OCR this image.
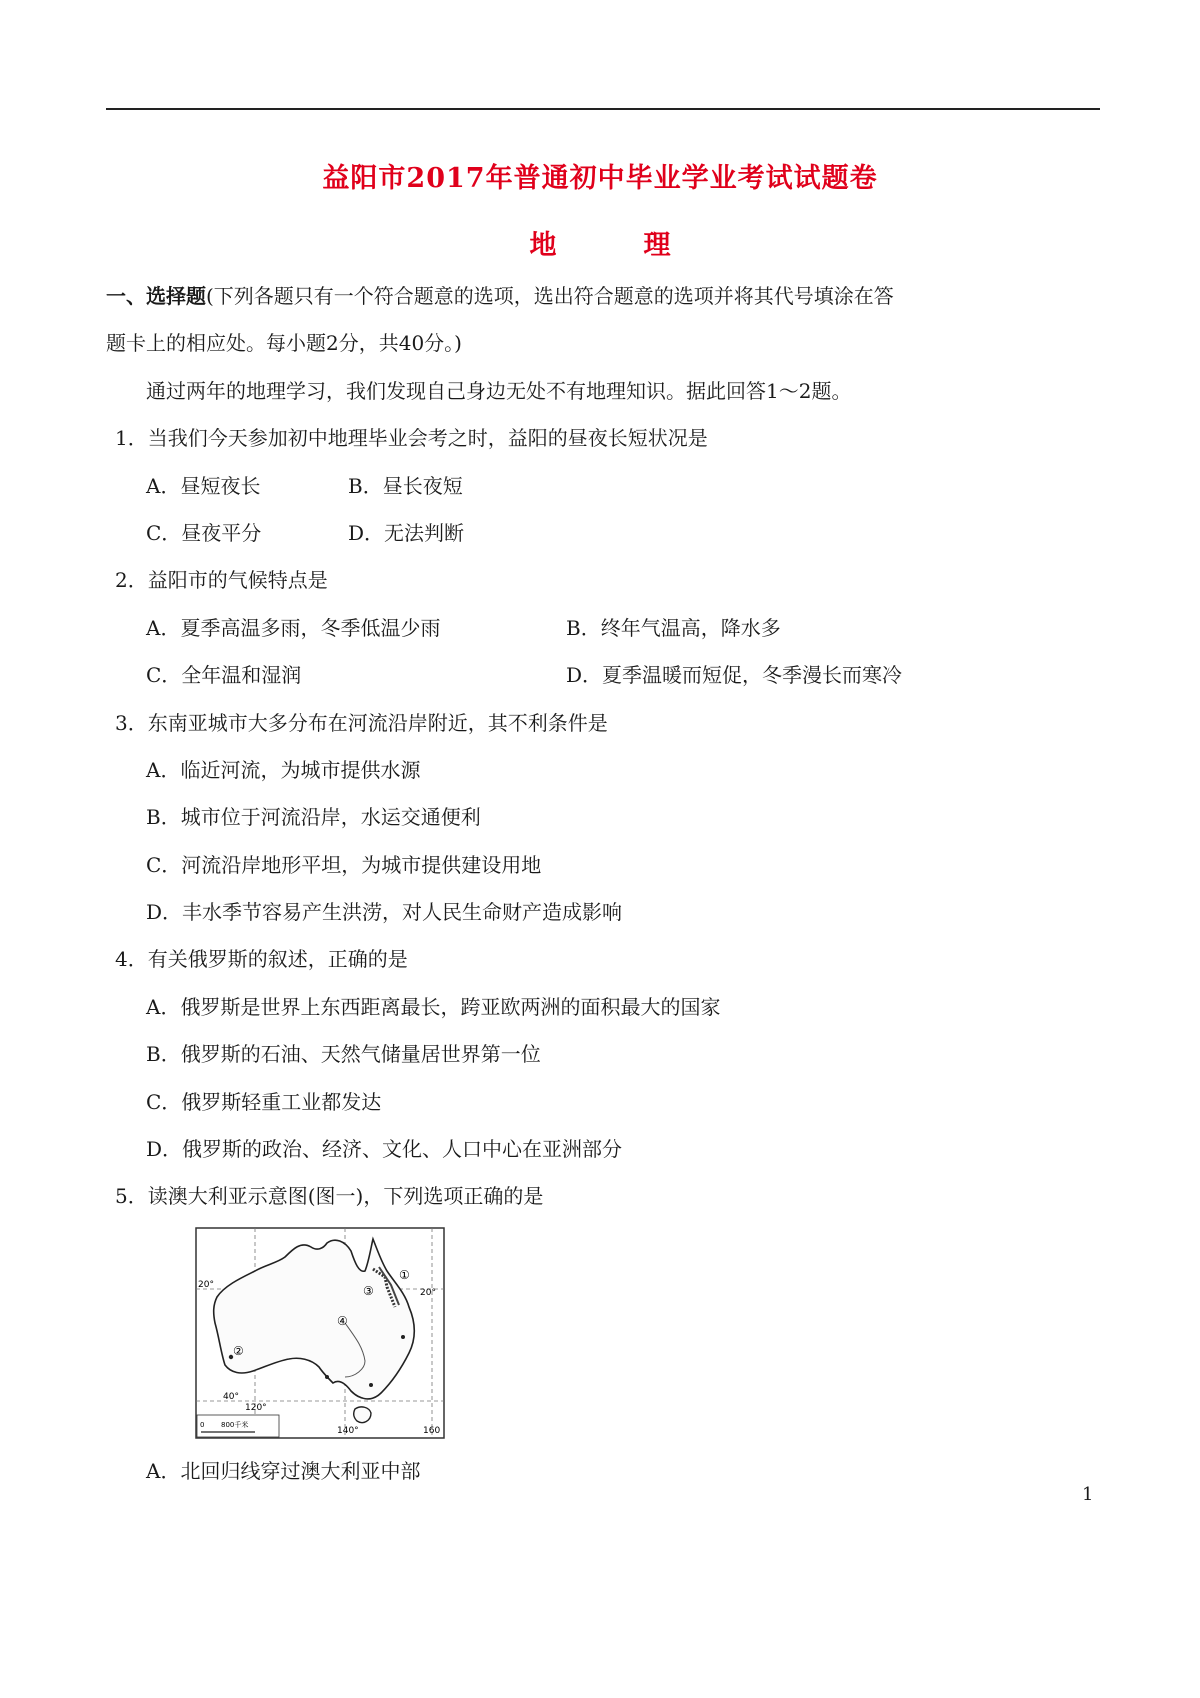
益阳市2017年普通初中毕业学业考试试题卷
地　理
一、选择题(下列各题只有一个符合题意的选项，选出符合题意的选项并将其代号填涂在答
题卡上的相应处。每小题2分，共40分。)
通过两年的地理学习，我们发现自己身边无处不有地理知识。据此回答1～2题。
1．当我们今天参加初中地理毕业会考之时，益阳的昼夜长短状况是
A．昼短夜长	B．昼长夜短
C．昼夜平分	D．无法判断
2．益阳市的气候特点是
A．夏季高温多雨，冬季低温少雨	B．终年气温高，降水多
C．全年温和湿润	D．夏季温暖而短促，冬季漫长而寒冷
3．东南亚城市大多分布在河流沿岸附近，其不利条件是
A．临近河流，为城市提供水源
B．城市位于河流沿岸，水运交通便利
C．河流沿岸地形平坦，为城市提供建设用地
D．丰水季节容易产生洪涝，对人民生命财产造成影响
4．有关俄罗斯的叙述，正确的是
A．俄罗斯是世界上东西距离最长，跨亚欧两洲的面积最大的国家
B．俄罗斯的石油、天然气储量居世界第一位
C．俄罗斯轻重工业都发达
D．俄罗斯的政治、经济、文化、人口中心在亚洲部分
5．读澳大利亚示意图(图一)，下列选项正确的是
①
②
③
④
20°
20°
40°
120°
140°	160
0 800千米
A．北回归线穿过澳大利亚中部
1
